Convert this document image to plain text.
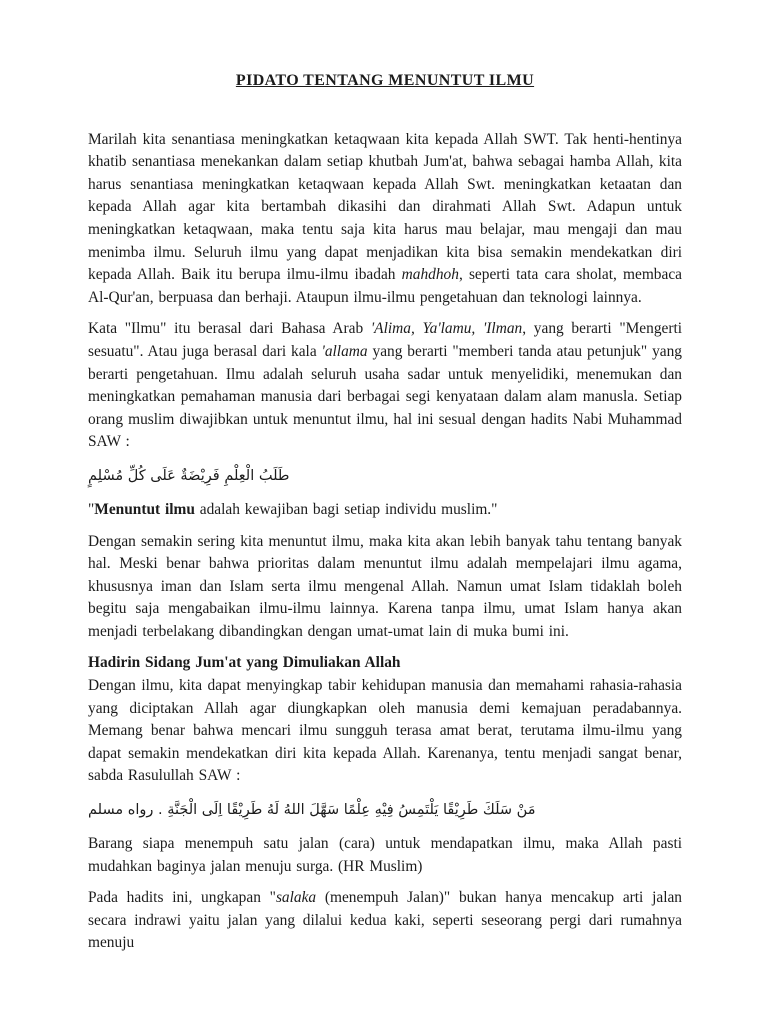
PIDATO TENTANG MENUNTUT ILMU

Marilah kita senantiasa meningkatkan ketaqwaan kita kepada Allah SWT. Tak henti-hentinya khatib senantiasa menekankan dalam setiap khutbah Jum'at, bahwa sebagai hamba Allah, kita harus senantiasa meningkatkan ketaqwaan kepada Allah Swt. meningkatkan ketaatan dan kepada Allah agar kita bertambah dikasihi dan dirahmati Allah Swt. Adapun untuk meningkatkan ketaqwaan, maka tentu saja kita harus mau belajar, mau mengaji dan mau menimba ilmu. Seluruh ilmu yang dapat menjadikan kita bisa semakin mendekatkan diri kepada Allah. Baik itu berupa ilmu-ilmu ibadah mahdhoh, seperti tata cara sholat, membaca Al-Qur'an, berpuasa dan berhaji. Ataupun ilmu-ilmu pengetahuan dan teknologi lainnya.

Kata "Ilmu" itu berasal dari Bahasa Arab 'Alima, Ya'lamu, 'Ilman, yang berarti "Mengerti sesuatu". Atau juga berasal dari kala 'allama yang berarti "memberi tanda atau petunjuk" yang berarti pengetahuan. Ilmu adalah seluruh usaha sadar untuk menyelidiki, menemukan dan meningkatkan pemahaman manusia dari berbagai segi kenyataan dalam alam manusla. Setiap orang muslim diwajibkan untuk menuntut ilmu, hal ini sesual dengan hadits Nabi Muhammad SAW :

طَلَبُ الْعِلْمِ فَرِيْضَةٌ عَلَى كُلِّ مُسْلِمٍ

"Menuntut ilmu adalah kewajiban bagi setiap individu muslim."

Dengan semakin sering kita menuntut ilmu, maka kita akan lebih banyak tahu tentang banyak hal. Meski benar bahwa prioritas dalam menuntut ilmu adalah mempelajari ilmu agama, khususnya iman dan Islam serta ilmu mengenal Allah. Namun umat Islam tidaklah boleh begitu saja mengabaikan ilmu-ilmu lainnya. Karena tanpa ilmu, umat Islam hanya akan menjadi terbelakang dibandingkan dengan umat-umat lain di muka bumi ini.

Hadirin Sidang Jum'at yang Dimuliakan Allah

Dengan ilmu, kita dapat menyingkap tabir kehidupan manusia dan memahami rahasia-rahasia yang diciptakan Allah agar diungkapkan oleh manusia demi kemajuan peradabannya. Memang benar bahwa mencari ilmu sungguh terasa amat berat, terutama ilmu-ilmu yang dapat semakin mendekatkan diri kita kepada Allah. Karenanya, tentu menjadi sangat benar, sabda Rasulullah SAW :

مَنْ سَلَكَ طَرِيْقًا يَلْتَمِسُ فِيْهِ عِلْمًا سَهَّلَ اللهُ لَهُ طَرِيْقًا اِلَى الْجَنَّةِ . رواه مسلم

Barang siapa menempuh satu jalan (cara) untuk mendapatkan ilmu, maka Allah pasti mudahkan baginya jalan menuju surga. (HR Muslim)

Pada hadits ini, ungkapan "salaka (menempuh Jalan)" bukan hanya mencakup arti jalan secara indrawi yaitu jalan yang dilalui kedua kaki, seperti seseorang pergi dari rumahnya menuju
